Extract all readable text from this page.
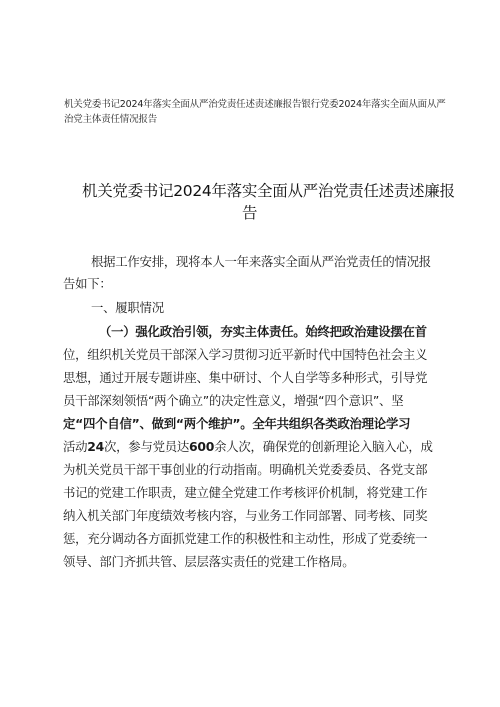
机关党委书记2024年落实全面从严治党责任述责述廉报告银行党委2024年落实全面从面从严
治党主体责任情况报告
机关党委书记2024年落实全面从严治党责任述责述廉报
告
根据工作安排，现将本人一年来落实全面从严治党责任的情况报
告如下：
一、履职情况
（一）强化政治引领，夯实主体责任。始终把政治建设摆在首
位，组织机关党员干部深入学习贯彻习近平新时代中国特色社会主义
思想，通过开展专题讲座、集中研讨、个人自学等多种形式，引导党
员干部深刻领悟“两个确立”的决定性意义，增强“四个意识”、坚
定“四个自信”、做到“两个维护”。全年共组织各类政治理论学习
活动24次，参与党员达600余人次，确保党的创新理论入脑入心，成
为机关党员干部干事创业的行动指南。明确机关党委委员、各党支部
书记的党建工作职责，建立健全党建工作考核评价机制，将党建工作
纳入机关部门年度绩效考核内容，与业务工作同部署、同考核、同奖
惩，充分调动各方面抓党建工作的积极性和主动性，形成了党委统一
领导、部门齐抓共管、层层落实责任的党建工作格局。
